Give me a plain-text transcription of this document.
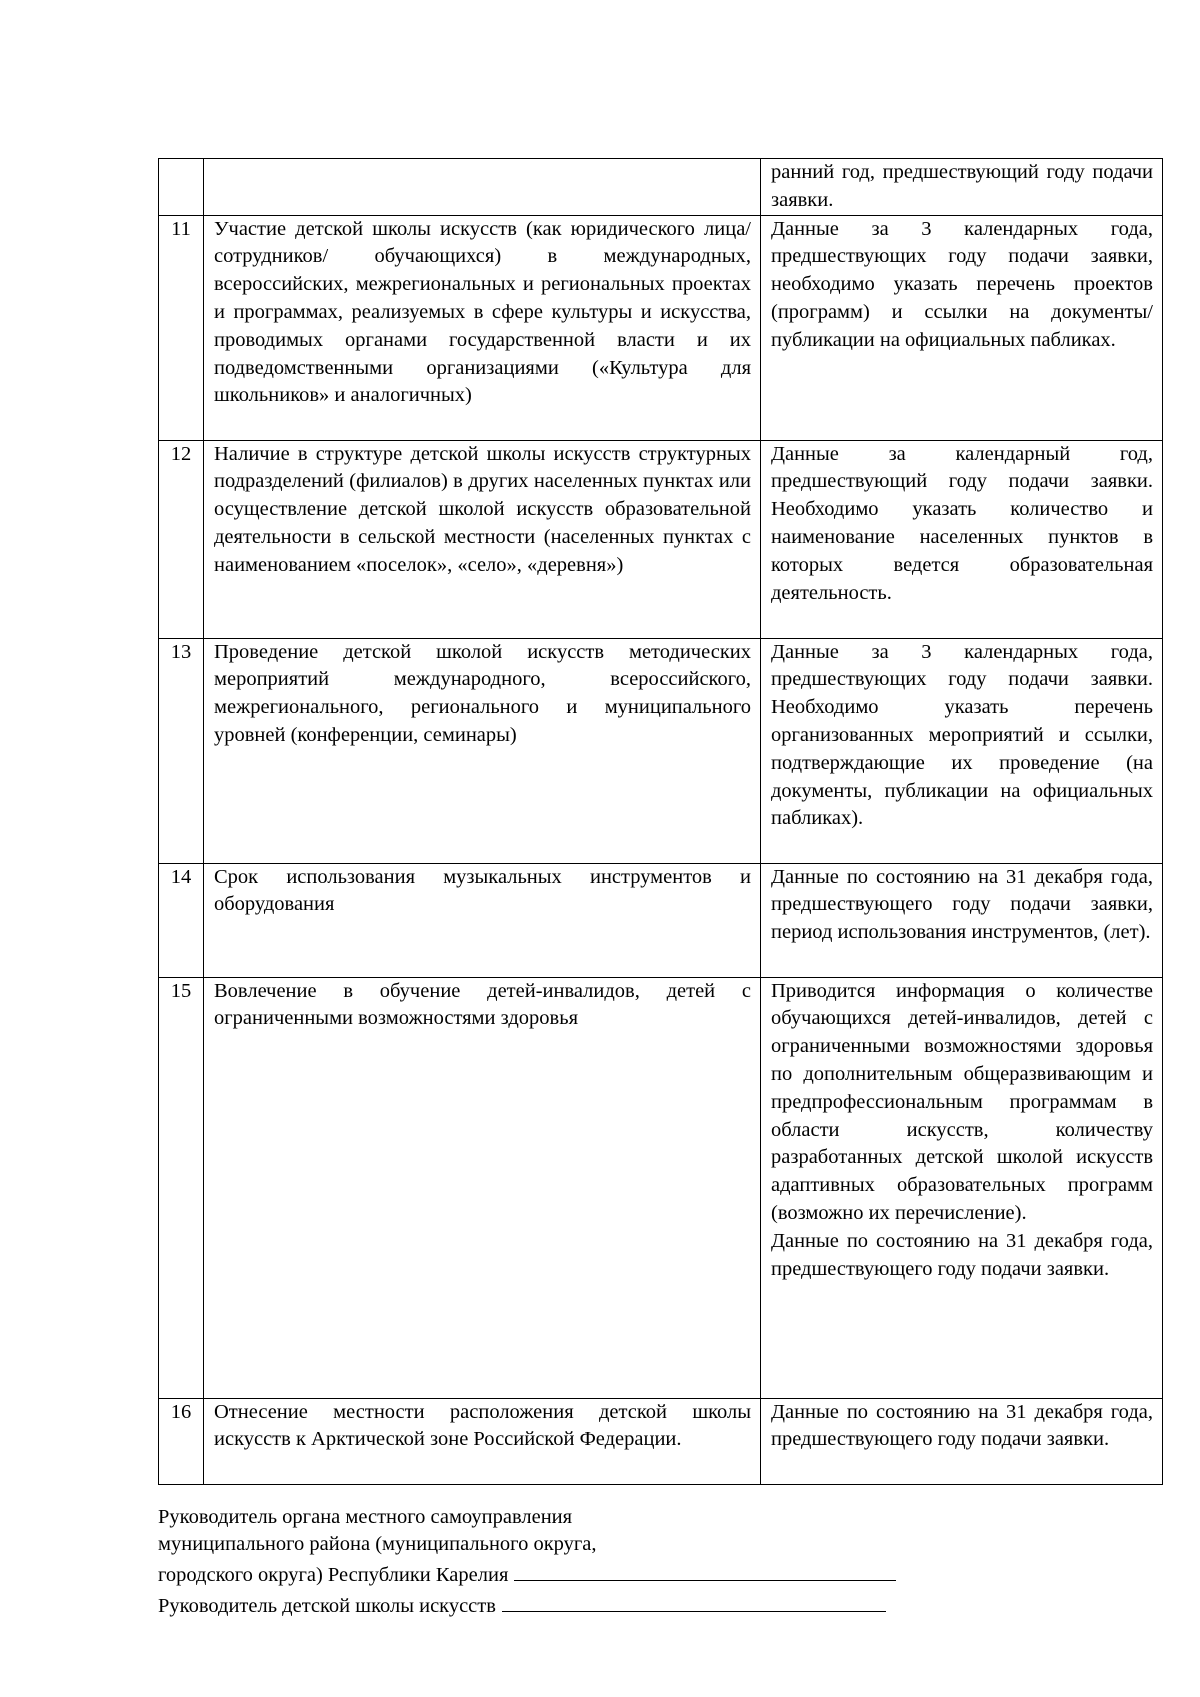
		ранний год, предшествующий году подачи заявки.

11	Участие детской школы искусств (как юридического лица/ сотрудников/ обучающихся) в международных, всероссийских, межрегиональных и региональных проектах и программах, реализуемых в сфере культуры и искусства, проводимых органами государственной власти и их подведомственными организациями («Культура для школьников» и аналогичных)	Данные за 3 календарных года, предшествующих году подачи заявки, необходимо указать перечень проектов (программ) и ссылки на документы/ публикации на официальных пабликах.

12	Наличие в структуре детской школы искусств структурных подразделений (филиалов) в других населенных пунктах или осуществление детской школой искусств образовательной деятельности в сельской местности (населенных пунктах с наименованием «поселок», «село», «деревня»)	Данные за календарный год, предшествующий году подачи заявки. Необходимо указать количество и наименование населенных пунктов в которых ведется образовательная деятельность.

13	Проведение детской школой искусств методических мероприятий международного, всероссийского, межрегионального, регионального и муниципального уровней (конференции, семинары)	Данные за 3 календарных года, предшествующих году подачи заявки. Необходимо указать перечень организованных мероприятий и ссылки, подтверждающие их проведение (на документы, публикации на официальных пабликах).

14	Срок использования музыкальных инструментов и оборудования	Данные по состоянию на 31 декабря года, предшествующего году подачи заявки, период использования инструментов, (лет).

15	Вовлечение в обучение детей-инвалидов, детей с ограниченными возможностями здоровья	Приводится информация о количестве обучающихся детей-инвалидов, детей с ограниченными возможностями здоровья по дополнительным общеразвивающим и предпрофессиональным программам в области искусств, количеству разработанных детской школой искусств адаптивных образовательных программ (возможно их перечисление).
Данные по состоянию на 31 декабря года, предшествующего году подачи заявки.

16	Отнесение местности расположения детской школы искусств к Арктической зоне Российской Федерации.	Данные по состоянию на 31 декабря года, предшествующего году подачи заявки.
Руководитель органа местного самоуправления
муниципального района (муниципального округа,
городского округа) Республики Карелия
Руководитель детской школы искусств
